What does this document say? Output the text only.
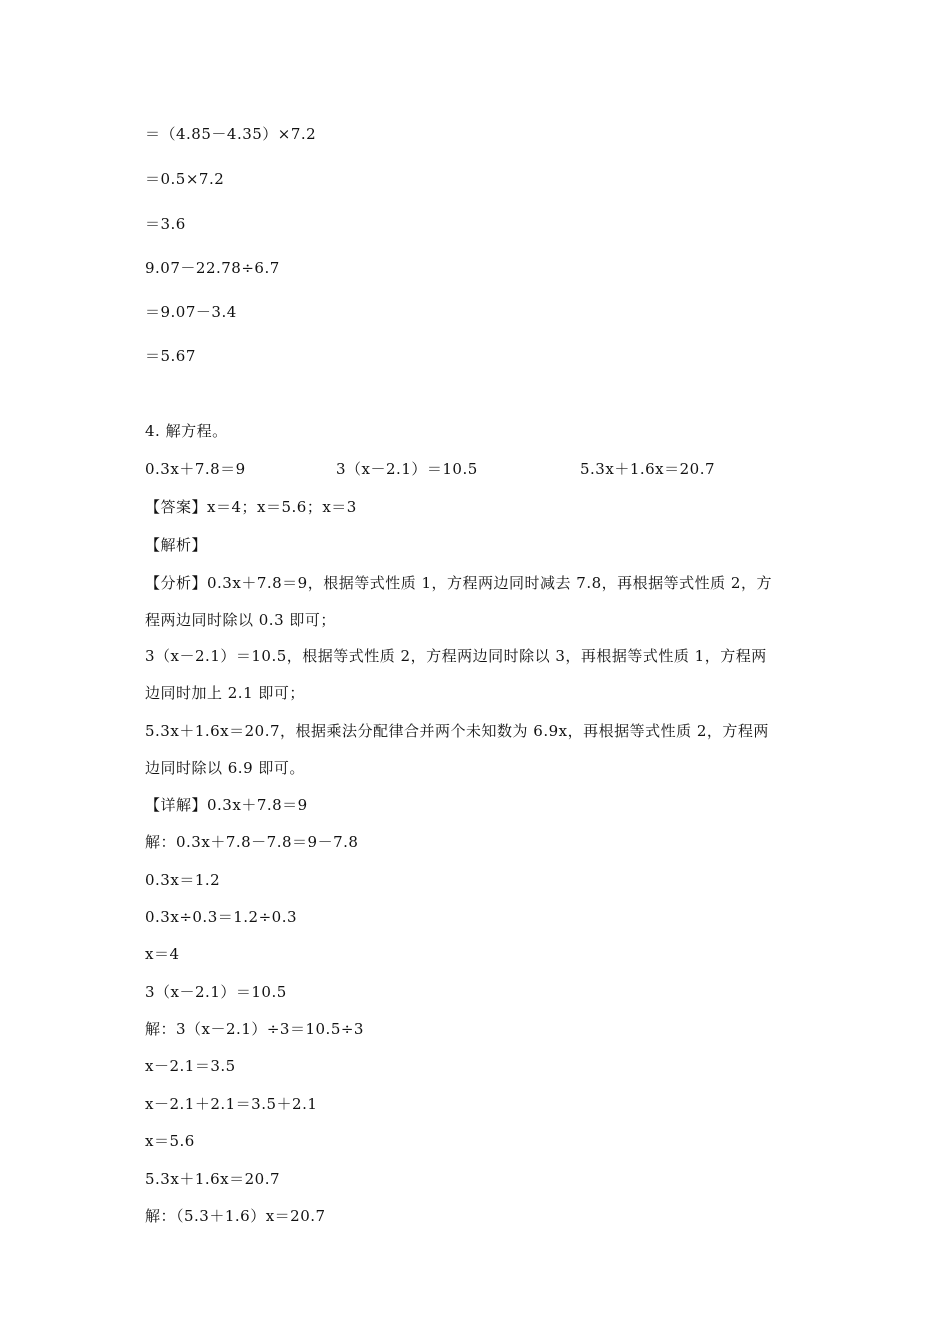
＝（4.85－4.35）×7.2
＝0.5×7.2
＝3.6
9.07－22.78÷6.7
＝9.07－3.4
＝5.67
4. 解方程。
0.3x＋7.8＝9	3（x－2.1）＝10.5	5.3x＋1.6x＝20.7
【答案】x＝4；x＝5.6；x＝3
【解析】
【分析】0.3x＋7.8＝9，根据等式性质 1，方程两边同时减去 7.8，再根据等式性质 2，方
程两边同时除以 0.3 即可；
3（x－2.1）＝10.5，根据等式性质 2，方程两边同时除以 3，再根据等式性质 1，方程两
边同时加上 2.1 即可；
5.3x＋1.6x＝20.7，根据乘法分配律合并两个未知数为 6.9x，再根据等式性质 2，方程两
边同时除以 6.9 即可。
【详解】0.3x＋7.8＝9
解：0.3x＋7.8－7.8＝9－7.8
0.3x＝1.2
0.3x÷0.3＝1.2÷0.3
x＝4
3（x－2.1）＝10.5
解：3（x－2.1）÷3＝10.5÷3
x－2.1＝3.5
x－2.1＋2.1＝3.5＋2.1
x＝5.6
5.3x＋1.6x＝20.7
解：（5.3＋1.6）x＝20.7
